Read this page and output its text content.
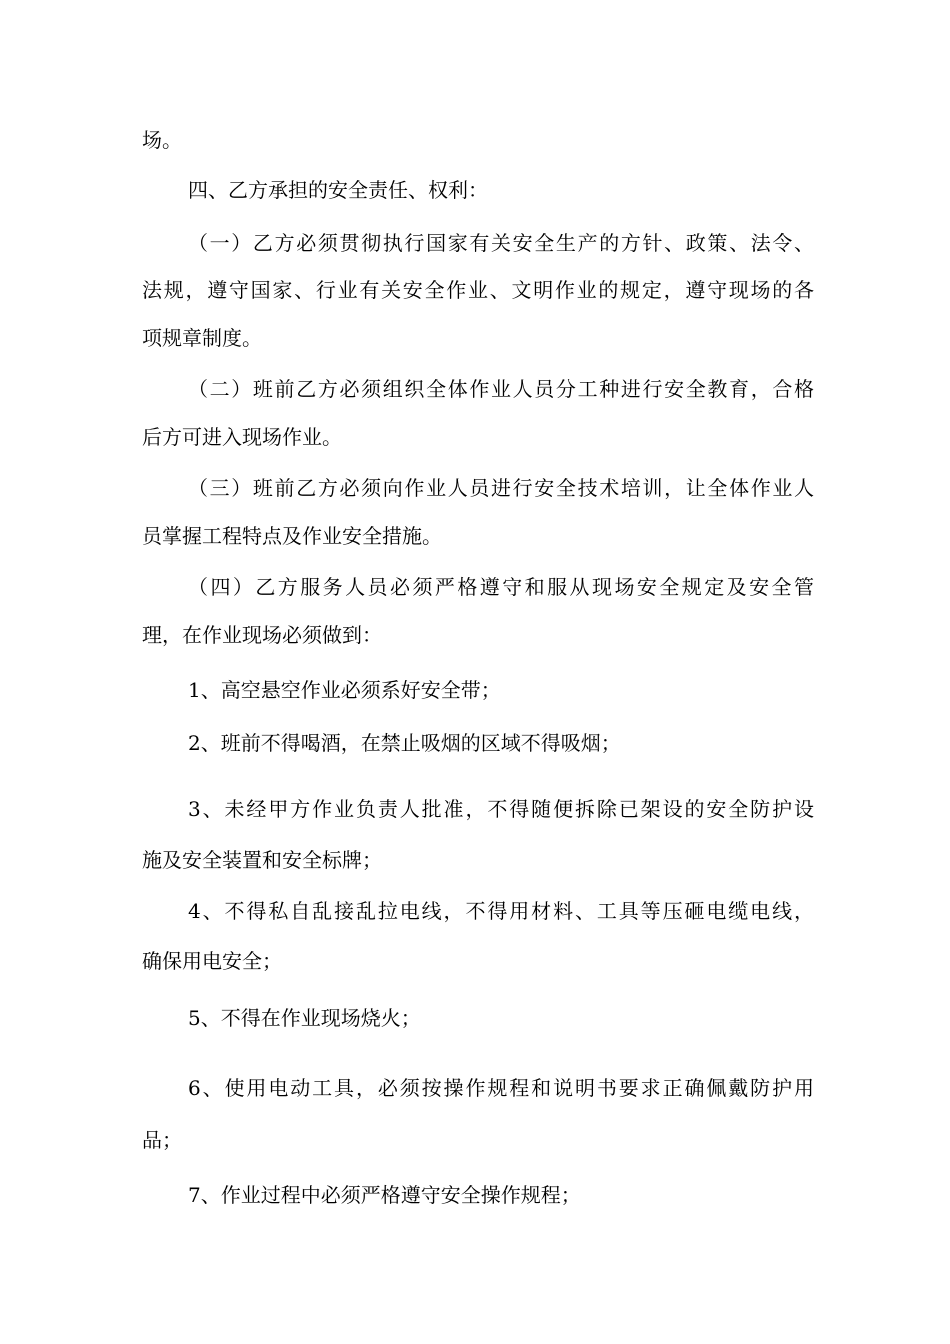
场。
四、乙方承担的安全责任、权利：
（一）乙方必须贯彻执行国家有关安全生产的方针、政策、法令、
法规，遵守国家、行业有关安全作业、文明作业的规定，遵守现场的各
项规章制度。
（二）班前乙方必须组织全体作业人员分工种进行安全教育，合格
后方可进入现场作业。
（三）班前乙方必须向作业人员进行安全技术培训，让全体作业人
员掌握工程特点及作业安全措施。
（四）乙方服务人员必须严格遵守和服从现场安全规定及安全管
理，在作业现场必须做到：
1、高空悬空作业必须系好安全带；
2、班前不得喝酒，在禁止吸烟的区域不得吸烟；
3、未经甲方作业负责人批准，不得随便拆除已架设的安全防护设
施及安全装置和安全标牌；
4、不得私自乱接乱拉电线，不得用材料、工具等压砸电缆电线，
确保用电安全；
5、不得在作业现场烧火；
6、使用电动工具，必须按操作规程和说明书要求正确佩戴防护用
品；
7、作业过程中必须严格遵守安全操作规程；
